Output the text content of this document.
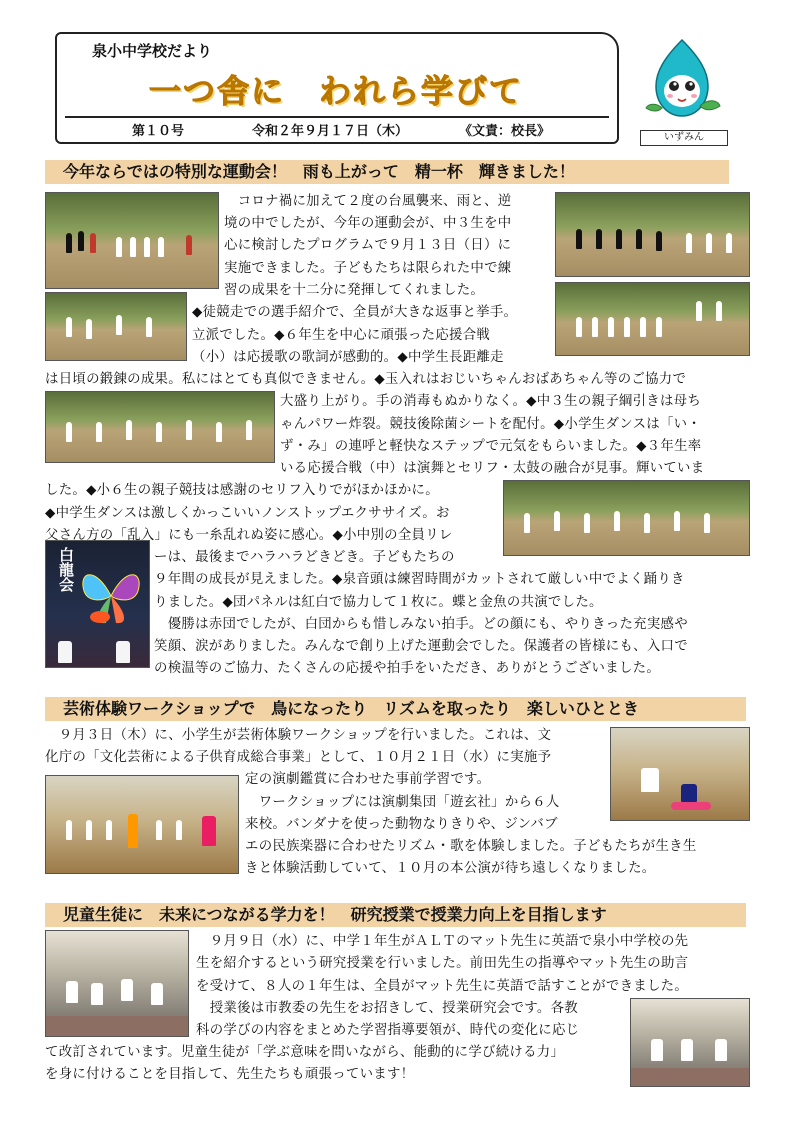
泉小中学校だより
一つ舎に　われら学びて
第１０号	令和２年９月１７日（木）	《文責：校長》	いずみん
今年ならではの特別な運動会！　雨も上がって　精一杯　輝きました！
白龍会
　コロナ禍に加えて２度の台風襲来、雨と、逆
境の中でしたが、今年の運動会が、中３生を中
心に検討したプログラムで９月１３日（日）に
実施できました。子どもたちは限られた中で練
習の成果を十二分に発揮してくれました。
◆徒競走での選手紹介で、全員が大きな返事と挙手。
立派でした。◆６年生を中心に頑張った応援合戦
（小）は応援歌の歌詞が感動的。◆中学生長距離走
は日頃の鍛錬の成果。私にはとても真似できません。◆玉入れはおじいちゃんおばあちゃん等のご協力で
大盛り上がり。手の消毒もぬかりなく。◆中３生の親子綱引きは母ち
ゃんパワー炸裂。競技後除菌シートを配付。◆小学生ダンスは「い・
ず・み」の連呼と軽快なステップで元気をもらいました。◆３年生率
いる応援合戦（中）は演舞とセリフ・太鼓の融合が見事。輝いていま
した。◆小６生の親子競技は感謝のセリフ入りでがほかほかに。
◆中学生ダンスは激しくかっこいいノンストップエクササイズ。お
父さん方の「乱入」にも一糸乱れぬ姿に感心。◆小中別の全員リレ
ーは、最後までハラハラどきどき。子どもたちの
９年間の成長が見えました。◆泉音頭は練習時間がカットされて厳しい中でよく踊りき
りました。◆団パネルは紅白で協力して１枚に。蝶と金魚の共演でした。
　優勝は赤団でしたが、白団からも惜しみない拍手。どの顔にも、やりきった充実感や
笑顔、涙がありました。みんなで創り上げた運動会でした。保護者の皆様にも、入口で
の検温等のご協力、たくさんの応援や拍手をいただき、ありがとうございました。
芸術体験ワークショップで　鳥になったり　リズムを取ったり　楽しいひととき
　９月３日（木）に、小学生が芸術体験ワークショップを行いました。これは、文
化庁の「文化芸術による子供育成総合事業」として、１０月２１日（水）に実施予
定の演劇鑑賞に合わせた事前学習です。
　ワークショップには演劇集団「遊玄社」から６人
来校。バンダナを使った動物なりきりや、ジンバブ
エの民族楽器に合わせたリズム・歌を体験しました。子どもたちが生き生
きと体験活動していて、１０月の本公演が待ち遠しくなりました。
児童生徒に　未来につながる学力を！　研究授業で授業力向上を目指します
　９月９日（水）に、中学１年生がＡＬＴのマット先生に英語で泉小中学校の先
生を紹介するという研究授業を行いました。前田先生の指導やマット先生の助言
を受けて、８人の１年生は、全員がマット先生に英語で話すことができました。
　授業後は市教委の先生をお招きして、授業研究会です。各教
科の学びの内容をまとめた学習指導要領が、時代の変化に応じ
て改訂されています。児童生徒が「学ぶ意味を問いながら、能動的に学び続ける力」
を身に付けることを目指して、先生たちも頑張っています！
